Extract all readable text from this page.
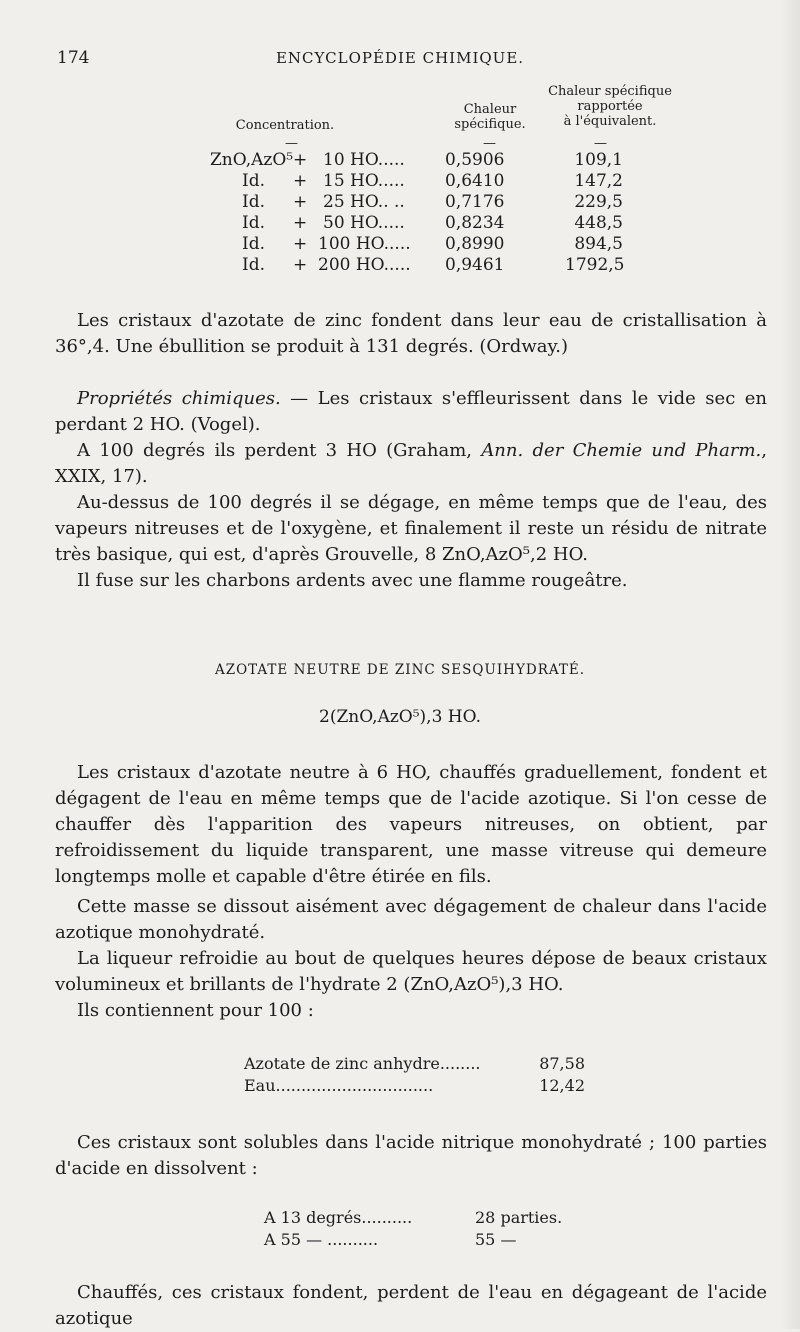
174	ENCYCLOPÉDIE CHIMIQUE.
Concentration.
Chaleur
spécifique.
Chaleur spécifique
rapportée
à l'équivalent.
—	—	—
ZnO,AzO⁵ + 10 HO..... 0,5906	109,1
Id. + 15 HO..... 0,6410	147,2
Id. + 25 HO.. .. 0,7176	229,5
Id. + 50 HO..... 0,8234	448,5
Id. + 100 HO..... 0,8990	894,5
Id. + 200 HO..... 0,9461	1792,5
Les cristaux d'azotate de zinc fondent dans leur eau de cristallisation à 36°,4. Une ébullition se produit à 131 degrés. (Ordway.)
Propriétés chimiques. — Les cristaux s'effleurissent dans le vide sec en perdant 2 HO. (Vogel).
A 100 degrés ils perdent 3 HO (Graham, Ann. der Chemie und Pharm., XXIX, 17).
Au-dessus de 100 degrés il se dégage, en même temps que de l'eau, des vapeurs nitreuses et de l'oxygène, et finalement il reste un résidu de nitrate très basique, qui est, d'après Grouvelle, 8 ZnO,AzO⁵,2 HO.
Il fuse sur les charbons ardents avec une flamme rougeâtre.
AZOTATE NEUTRE DE ZINC SESQUIHYDRATÉ.
2(ZnO,AzO⁵),3 HO.
Les cristaux d'azotate neutre à 6 HO, chauffés graduellement, fondent et dégagent de l'eau en même temps que de l'acide azotique. Si l'on cesse de chauffer dès l'apparition des vapeurs nitreuses, on obtient, par refroidissement du liquide transparent, une masse vitreuse qui demeure longtemps molle et capable d'être étirée en fils.
Cette masse se dissout aisément avec dégagement de chaleur dans l'acide azotique monohydraté.
La liqueur refroidie au bout de quelques heures dépose de beaux cristaux volumineux et brillants de l'hydrate 2 (ZnO,AzO⁵),3 HO.
Ils contiennent pour 100 :
Azotate de zinc anhydre........	87,58
Eau...............................	12,42
Ces cristaux sont solubles dans l'acide nitrique monohydraté ; 100 parties d'acide en dissolvent :
A 13 degrés..........	28 parties.
A 55 — ..........	55 —
Chauffés, ces cristaux fondent, perdent de l'eau en dégageant de l'acide azotique
